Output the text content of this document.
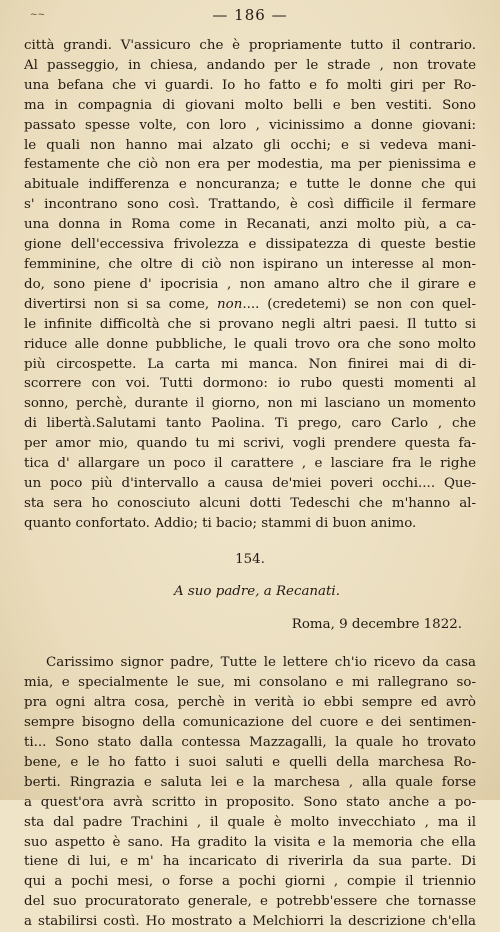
~~	— 186 —
città grandi. V'assicuro che è propriamente tutto il contrario.
Al passeggio, in chiesa, andando per le strade , non trovate
una befana che vi guardi. Io ho fatto e fo molti giri per Ro-
ma in compagnia di giovani molto belli e ben vestiti. Sono
passato spesse volte, con loro , vicinissimo a donne giovani:
le quali non hanno mai alzato gli occhi; e si vedeva mani-
festamente che ciò non era per modestia, ma per pienissima e
abituale indifferenza e noncuranza; e tutte le donne che qui
s' incontrano sono così. Trattando, è così difficile il fermare
una donna in Roma come in Recanati, anzi molto più, a ca-
gione dell'eccessiva frivolezza e dissipatezza di queste bestie
femminine, che oltre di ciò non ispirano un interesse al mon-
do, sono piene d' ipocrisia , non amano altro che il girare e
divertirsi non si sa come, non.... (credetemi) se non con quel-
le infinite difficoltà che si provano negli altri paesi. Il tutto si
riduce alle donne pubbliche, le quali trovo ora che sono molto
più circospette. La carta mi manca. Non finirei mai di di-
scorrere con voi. Tutti dormono: io rubo questi momenti al
sonno, perchè, durante il giorno, non mi lasciano un momento
di libertà.Salutami tanto Paolina. Ti prego, caro Carlo , che
per amor mio, quando tu mi scrivi, vogli prendere questa fa-
tica d' allargare un poco il carattere , e lasciare fra le righe
un poco più d'intervallo a causa de'miei poveri occhi.... Que-
sta sera ho conosciuto alcuni dotti Tedeschi che m'hanno al-
quanto confortato. Addio; ti bacio; stammi di buon animo.
154.
A suo padre, a Recanati.
Roma, 9 decembre 1822.
Carissimo signor padre, Tutte le lettere ch'io ricevo da casa
mia, e specialmente le sue, mi consolano e mi rallegrano so-
pra ogni altra cosa, perchè in verità io ebbi sempre ed avrò
sempre bisogno della comunicazione del cuore e dei sentimen-
ti... Sono stato dalla contessa Mazzagalli, la quale ho trovato
bene, e le ho fatto i suoi saluti e quelli della marchesa Ro-
berti. Ringrazia e saluta lei e la marchesa , alla quale forse
a quest'ora avrà scritto in proposito. Sono stato anche a po-
sta dal padre Trachini , il quale è molto invecchiato , ma il
suo aspetto è sano. Ha gradito la visita e la memoria che ella
tiene di lui, e m' ha incaricato di riverirla da sua parte. Di
qui a pochi mesi, o forse a pochi giorni , compie il triennio
del suo procuratorato generale, e potrebb'essere che tornasse
a stabilirsi costì. Ho mostrato a Melchiorri la descrizione ch'ella
